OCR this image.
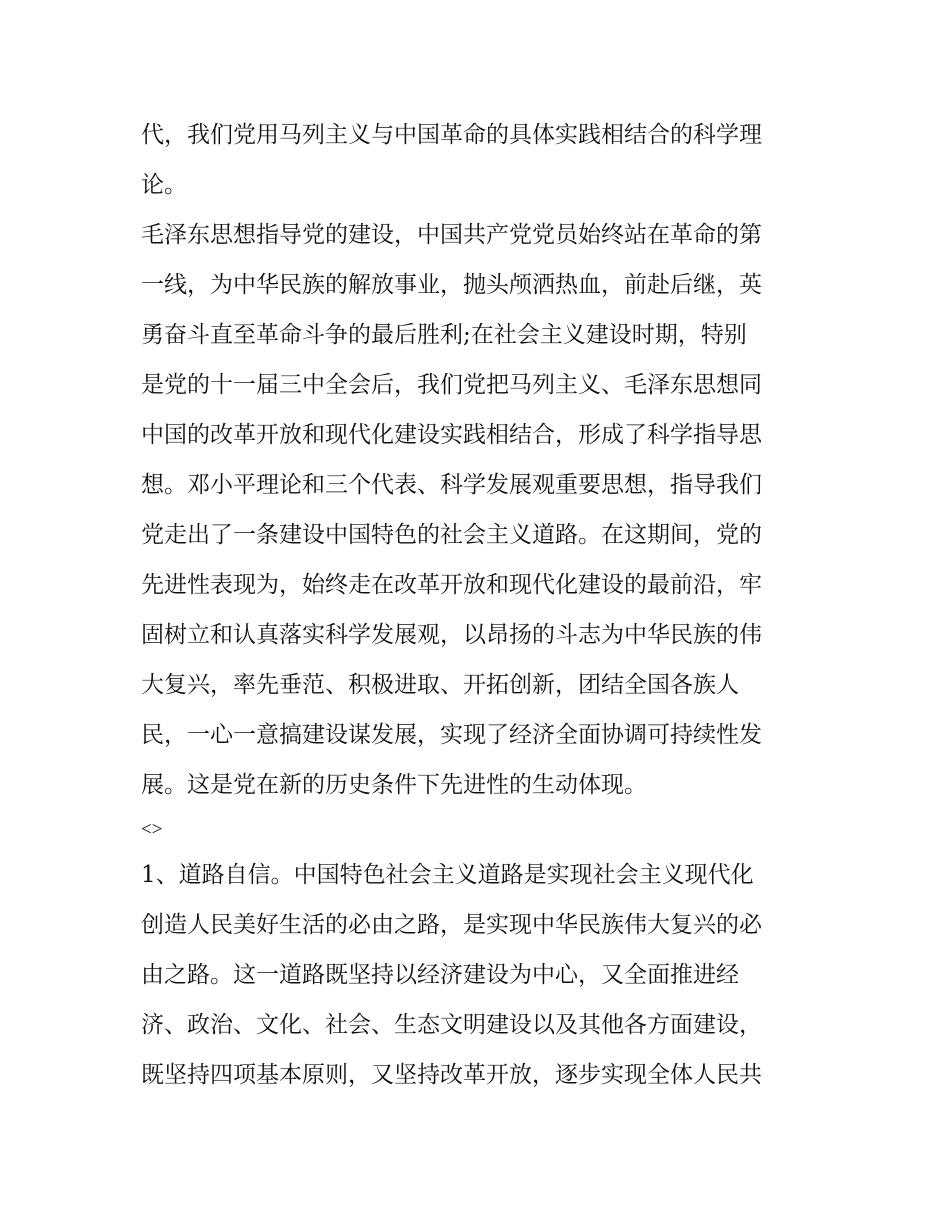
代，我们党用马列主义与中国革命的具体实践相结合的科学理
论。
毛泽东思想指导党的建设，中国共产党党员始终站在革命的第
一线，为中华民族的解放事业，抛头颅洒热血，前赴后继，英
勇奋斗直至革命斗争的最后胜利;在社会主义建设时期，特别
是党的十一届三中全会后，我们党把马列主义、毛泽东思想同
中国的改革开放和现代化建设实践相结合，形成了科学指导思
想。邓小平理论和三个代表、科学发展观重要思想，指导我们
党走出了一条建设中国特色的社会主义道路。在这期间，党的
先进性表现为，始终走在改革开放和现代化建设的最前沿，牢
固树立和认真落实科学发展观，以昂扬的斗志为中华民族的伟
大复兴，率先垂范、积极进取、开拓创新，团结全国各族人
民，一心一意搞建设谋发展，实现了经济全面协调可持续性发
展。这是党在新的历史条件下先进性的生动体现。
<>
1、道路自信。中国特色社会主义道路是实现社会主义现代化
创造人民美好生活的必由之路，是实现中华民族伟大复兴的必
由之路。这一道路既坚持以经济建设为中心，又全面推进经
济、政治、文化、社会、生态文明建设以及其他各方面建设，
既坚持四项基本原则，又坚持改革开放，逐步实现全体人民共
